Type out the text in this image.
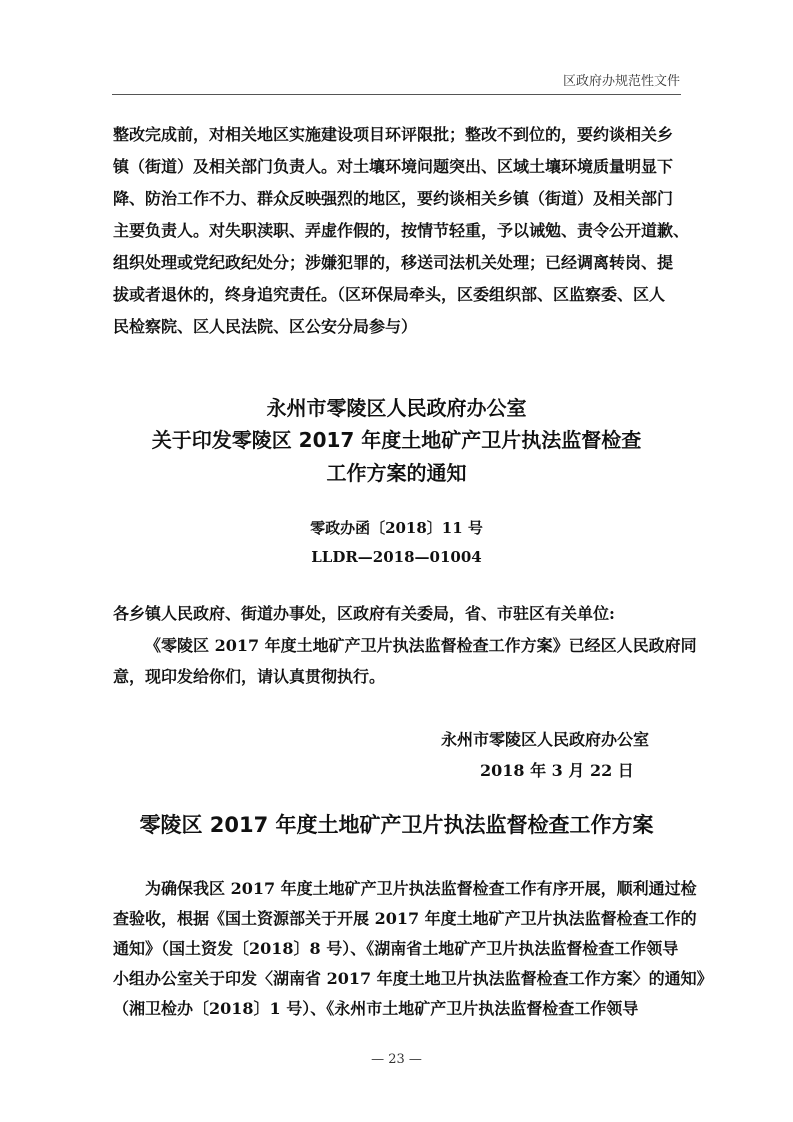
区政府办规范性文件
整改完成前，对相关地区实施建设项目环评限批；整改不到位的，要约谈相关乡
镇（街道）及相关部门负责人。对土壤环境问题突出、区域土壤环境质量明显下
降、防治工作不力、群众反映强烈的地区，要约谈相关乡镇（街道）及相关部门
主要负责人。对失职渎职、弄虚作假的，按情节轻重，予以诫勉、责令公开道歉、
组织处理或党纪政纪处分；涉嫌犯罪的，移送司法机关处理；已经调离转岗、提
拔或者退休的，终身追究责任。（区环保局牵头，区委组织部、区监察委、区人
民检察院、区人民法院、区公安分局参与）
永州市零陵区人民政府办公室
关于印发零陵区 2017 年度土地矿产卫片执法监督检查
工作方案的通知
零政办函〔2018〕11 号
LLDR—2018—01004
各乡镇人民政府、街道办事处，区政府有关委局，省、市驻区有关单位:
《零陵区 2017 年度土地矿产卫片执法监督检查工作方案》已经区人民政府同
意，现印发给你们，请认真贯彻执行。
永州市零陵区人民政府办公室
2018 年 3 月 22 日
零陵区 2017 年度土地矿产卫片执法监督检查工作方案
为确保我区 2017 年度土地矿产卫片执法监督检查工作有序开展，顺利通过检
查验收，根据《国土资源部关于开展 2017 年度土地矿产卫片执法监督检查工作的
通知》（国土资发〔2018〕8 号）、《湖南省土地矿产卫片执法监督检查工作领导
小组办公室关于印发〈湖南省 2017 年度土地卫片执法监督检查工作方案〉的通知》
（湘卫检办〔2018〕1 号）、《永州市土地矿产卫片执法监督检查工作领导
— 23 —
